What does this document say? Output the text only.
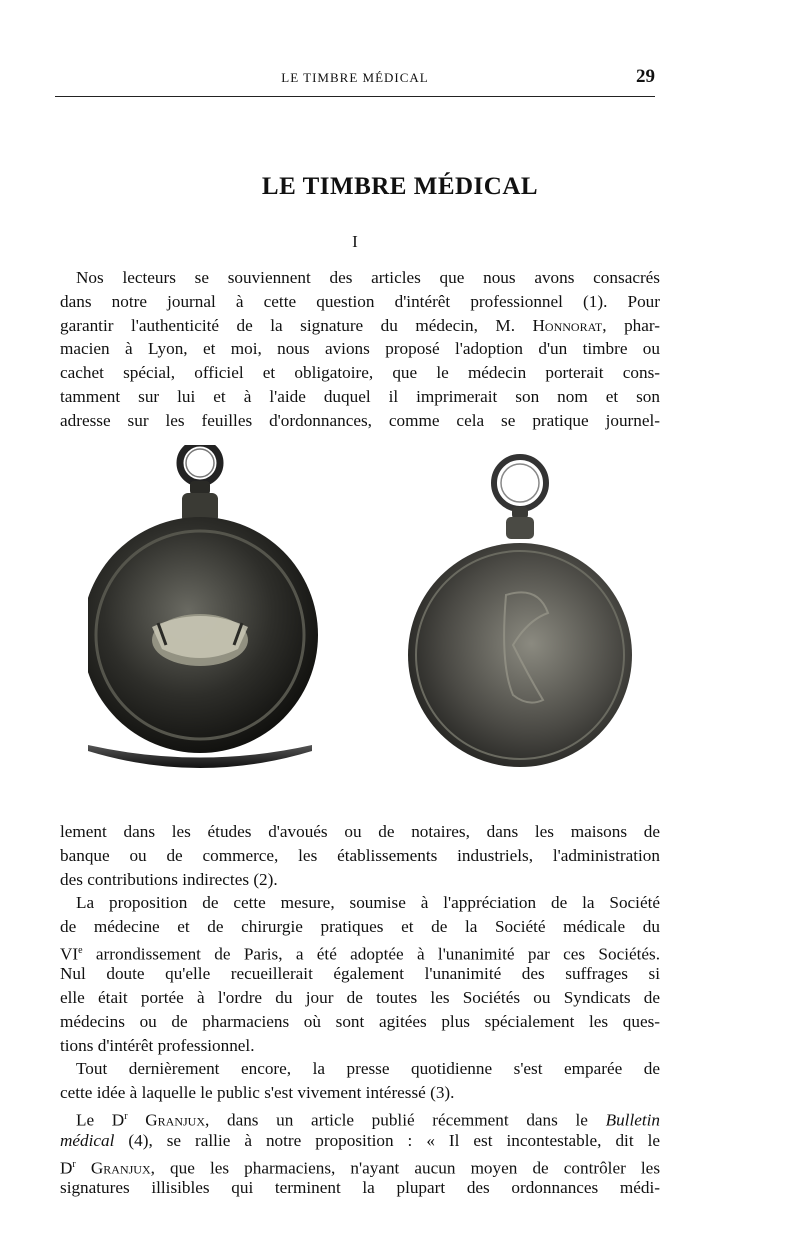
LE TIMBRE MÉDICAL	29
LE TIMBRE MÉDICAL
I
Nos lecteurs se souviennent des articles que nous avons consacrés
dans notre journal à cette question d'intérêt professionnel (1). Pour
garantir l'authenticité de la signature du médecin, M. Honnorat, phar-
macien à Lyon, et moi, nous avions proposé l'adoption d'un timbre ou
cachet spécial, officiel et obligatoire, que le médecin porterait cons-
tamment sur lui et à l'aide duquel il imprimerait son nom et son
adresse sur les feuilles d'ordonnances, comme cela se pratique journel-
lement dans les études d'avoués ou de notaires, dans les maisons de
banque ou de commerce, les établissements industriels, l'administration
des contributions indirectes (2).
La proposition de cette mesure, soumise à l'appréciation de la Société
de médecine et de chirurgie pratiques et de la Société médicale du
VIe arrondissement de Paris, a été adoptée à l'unanimité par ces Sociétés.
Nul doute qu'elle recueillerait également l'unanimité des suffrages si
elle était portée à l'ordre du jour de toutes les Sociétés ou Syndicats de
médecins ou de pharmaciens où sont agitées plus spécialement les ques-
tions d'intérêt professionnel.
Tout dernièrement encore, la presse quotidienne s'est emparée de
cette idée à laquelle le public s'est vivement intéressé (3).
Le $D^r$ Granjux, dans un article publié récemment dans le Bulletin
médical (4), se rallie à notre proposition : « Il est incontestable, dit le
$D^r$ Granjux, que les pharmaciens, n'ayant aucun moyen de contrôler les
signatures illisibles qui terminent la plupart des ordonnances médi-
